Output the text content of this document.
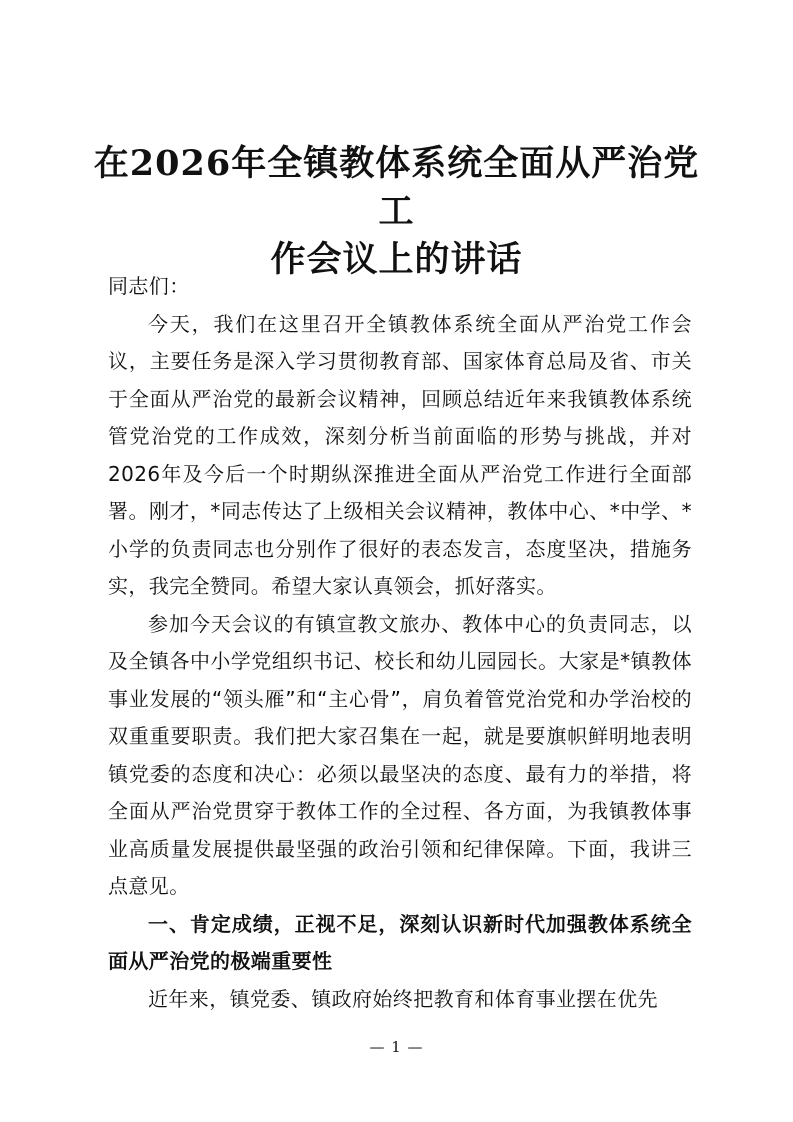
在2026年全镇教体系统全面从严治党工
作会议上的讲话

同志们：

今天，我们在这里召开全镇教体系统全面从严治党工作会议，主要任务是深入学习贯彻教育部、国家体育总局及省、市关于全面从严治党的最新会议精神，回顾总结近年来我镇教体系统管党治党的工作成效，深刻分析当前面临的形势与挑战，并对2026年及今后一个时期纵深推进全面从严治党工作进行全面部署。刚才，*同志传达了上级相关会议精神，教体中心、*中学、*小学的负责同志也分别作了很好的表态发言，态度坚决，措施务实，我完全赞同。希望大家认真领会，抓好落实。

参加今天会议的有镇宣教文旅办、教体中心的负责同志，以及全镇各中小学党组织书记、校长和幼儿园园长。大家是*镇教体事业发展的“领头雁”和“主心骨”，肩负着管党治党和办学治校的双重重要职责。我们把大家召集在一起，就是要旗帜鲜明地表明镇党委的态度和决心：必须以最坚决的态度、最有力的举措，将全面从严治党贯穿于教体工作的全过程、各方面，为我镇教体事业高质量发展提供最坚强的政治引领和纪律保障。下面，我讲三点意见。

一、肯定成绩，正视不足，深刻认识新时代加强教体系统全面从严治党的极端重要性

近年来，镇党委、镇政府始终把教育和体育事业摆在优先

— 1 —
